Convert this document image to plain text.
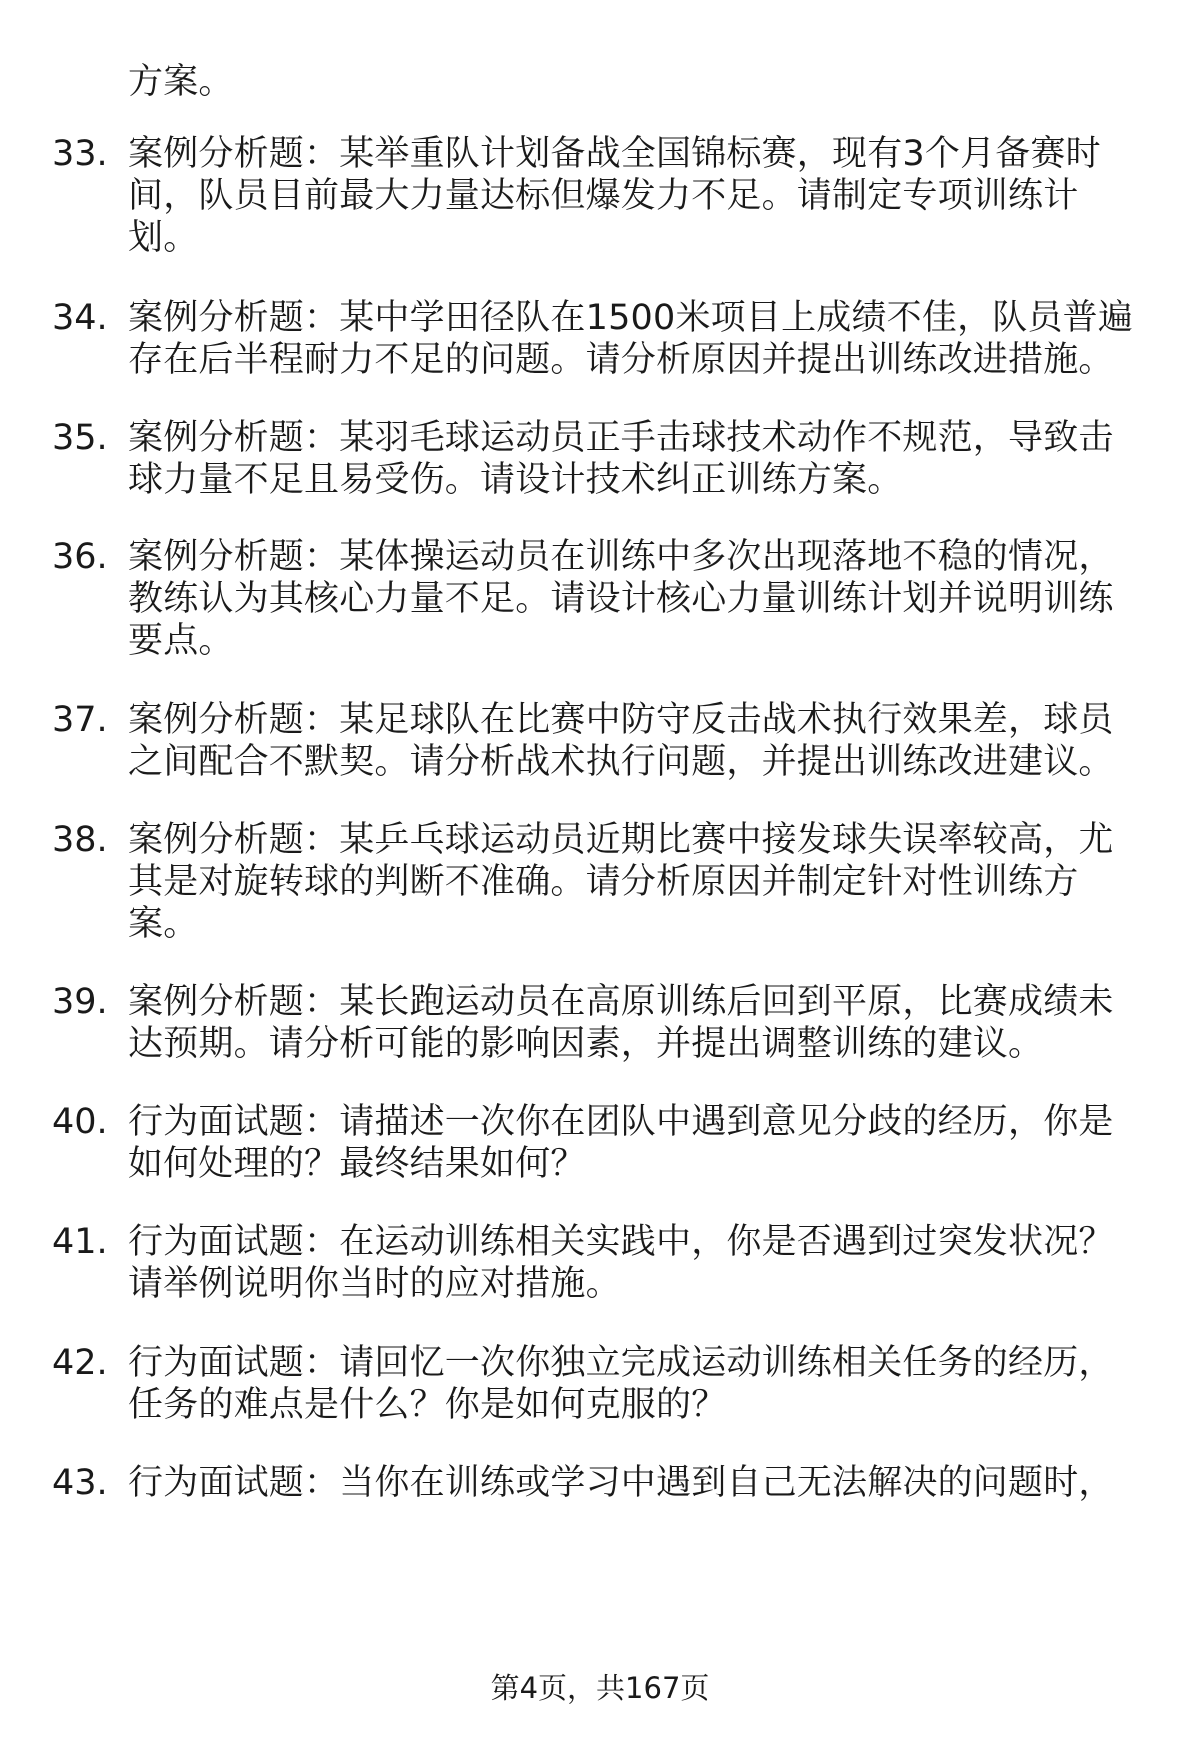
方案。
33. 案例分析题：某举重队计划备战全国锦标赛，现有3个月备赛时
间，队员目前最大力量达标但爆发力不足。请制定专项训练计
划。
34. 案例分析题：某中学田径队在1500米项目上成绩不佳，队员普遍
存在后半程耐力不足的问题。请分析原因并提出训练改进措施。
35. 案例分析题：某羽毛球运动员正手击球技术动作不规范，导致击
球力量不足且易受伤。请设计技术纠正训练方案。
36. 案例分析题：某体操运动员在训练中多次出现落地不稳的情况，
教练认为其核心力量不足。请设计核心力量训练计划并说明训练
要点。
37. 案例分析题：某足球队在比赛中防守反击战术执行效果差，球员
之间配合不默契。请分析战术执行问题，并提出训练改进建议。
38. 案例分析题：某乒乓球运动员近期比赛中接发球失误率较高，尤
其是对旋转球的判断不准确。请分析原因并制定针对性训练方
案。
39. 案例分析题：某长跑运动员在高原训练后回到平原，比赛成绩未
达预期。请分析可能的影响因素，并提出调整训练的建议。
40. 行为面试题：请描述一次你在团队中遇到意见分歧的经历，你是
如何处理的？最终结果如何？
41. 行为面试题：在运动训练相关实践中，你是否遇到过突发状况？
请举例说明你当时的应对措施。
42. 行为面试题：请回忆一次你独立完成运动训练相关任务的经历，
任务的难点是什么？你是如何克服的？
43. 行为面试题：当你在训练或学习中遇到自己无法解决的问题时，
第4页，共167页
